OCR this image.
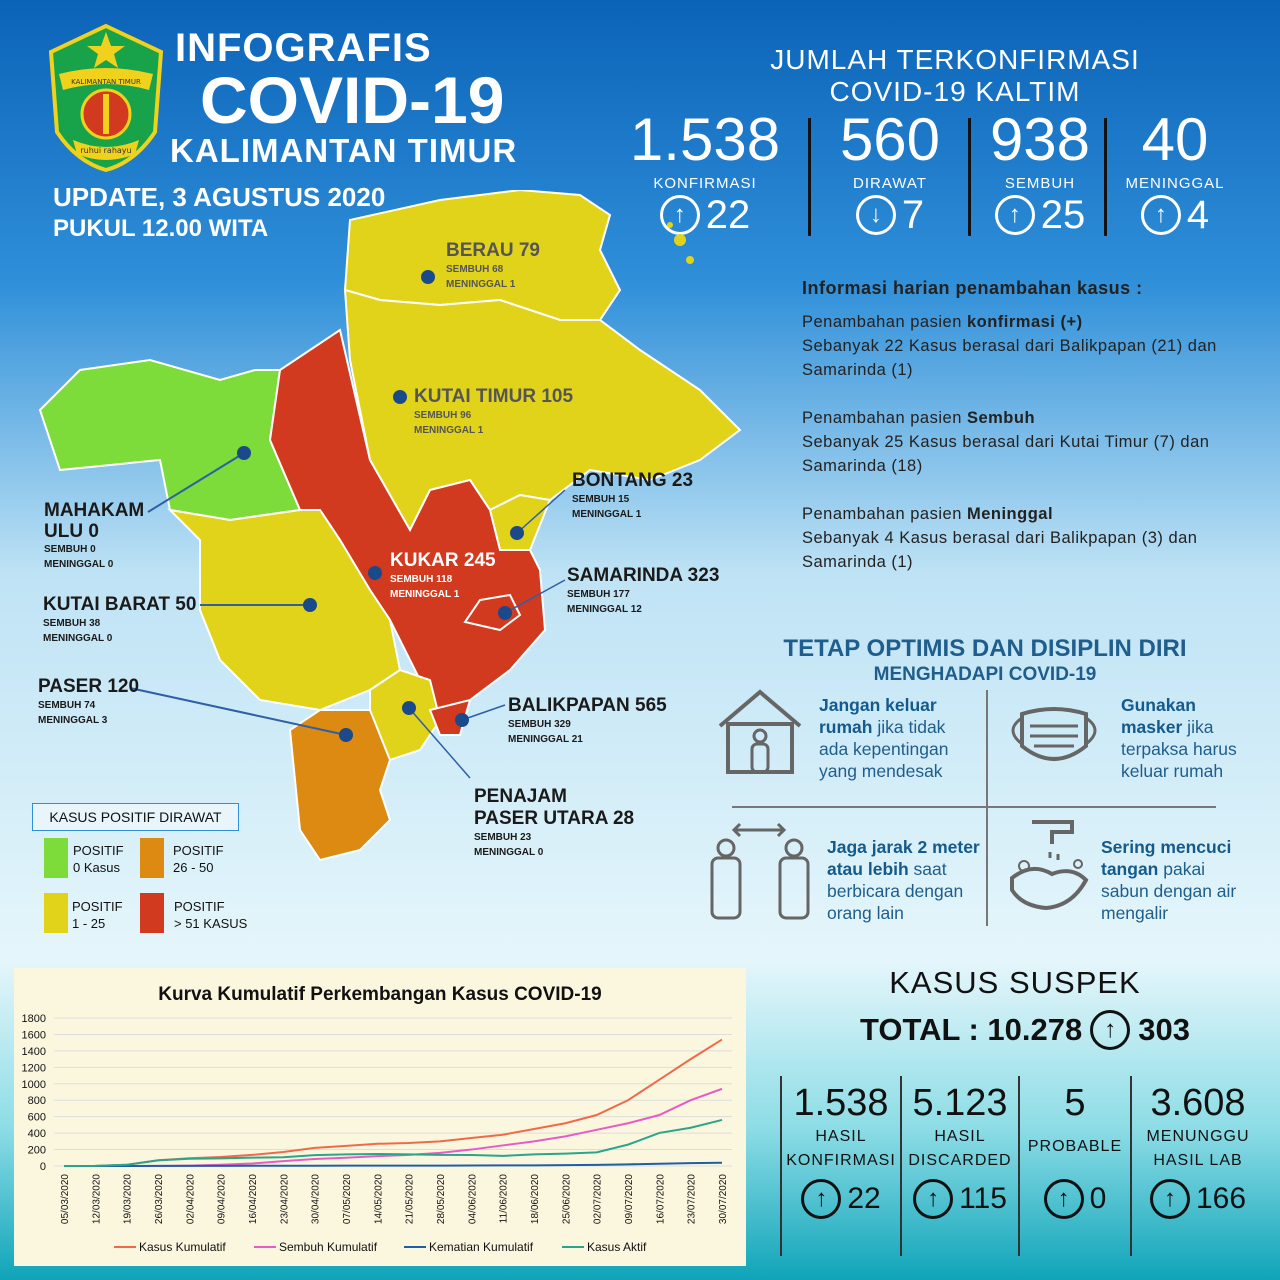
KALIMANTAN TIMUR
ruhui rahayu
INFOGRAFIS
COVID-19
KALIMANTAN TIMUR
UPDATE, 3 AGUSTUS 2020
PUKUL 12.00 WITA
JUMLAH TERKONFIRMASI
COVID-19 KALTIM
1.538
KONFIRMASI
↑ 22
560
DIRAWAT
↓ 7
938
SEMBUH
↑ 25
40
MENINGGAL
↑ 4
BERAU 79
SEMBUH 68
MENINGGAL 1
KUTAI TIMUR 105
SEMBUH 96
MENINGGAL 1
BONTANG 23
SEMBUH 15
MENINGGAL 1
MAHAKAM
ULU 0
SEMBUH 0
MENINGGAL 0	KUKAR 245
SEMBUH 118
MENINGGAL 1
SAMARINDA 323
SEMBUH 177
MENINGGAL 12
KUTAI BARAT 50
SEMBUH 38
MENINGGAL 0
PASER 120
SEMBUH 74
MENINGGAL 3
BALIKPAPAN 565
SEMBUH 329
MENINGGAL 21
PENAJAM
PASER UTARA 28
SEMBUH 23
MENINGGAL 0
KASUS POSITIF DIRAWAT
POSITIF
0 Kasus
POSITIF
26 - 50
POSITIF
1 - 25
POSITIF
> 51 KASUS
Informasi harian penambahan kasus :
Penambahan pasien konfirmasi (+)
Sebanyak 22 Kasus berasal dari Balikpapan (21) dan Samarinda (1)
Penambahan pasien Sembuh
Sebanyak 25 Kasus berasal dari Kutai Timur (7) dan Samarinda (18)
Penambahan pasien Meninggal
Sebanyak 4 Kasus berasal dari Balikpapan (3) dan Samarinda (1)
TETAP OPTIMIS DAN DISIPLIN DIRI
MENGHADAPI COVID-19
Jangan keluar rumah jika tidak ada kepentingan yang mendesak
Gunakan masker jika terpaksa harus keluar rumah
Jaga jarak 2 meter atau lebih saat berbicara dengan orang lain
Sering mencuci tangan pakai sabun dengan air mengalir
Kurva Kumulatif Perkembangan Kasus COVID-19
1800
1600
1400
1200
1000
800
600
400
200
0
05/03/2020 12/03/2020 19/03/2020 26/03/2020 02/04/2020 09/04/2020 16/04/2020 23/04/2020 30/04/2020 07/05/2020 14/05/2020 21/05/2020 28/05/2020 04/06/2020 11/06/2020 18/06/2020 25/06/2020 02/07/2020 09/07/2020 16/07/2020 23/07/2020 30/07/2020
Kasus Kumulatif	Sembuh Kumulatif	Kematian Kumulatif	Kasus Aktif
KASUS SUSPEK
TOTAL : 10.278 ↑ 303
1.538
HASIL
KONFIRMASI
↑ 22
5.123
HASIL
DISCARDED
↑ 115
5
PROBABLE
↑ 0
3.608
MENUNGGU
HASIL LAB
↑ 166
